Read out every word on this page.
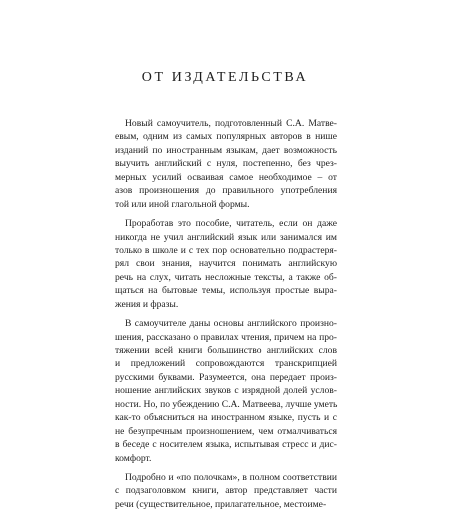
ОТ ИЗДАТЕЛЬСТВА
Новый самоучитель, подготовленный С.А. Матве-
евым, одним из самых популярных авторов в нише
изданий по иностранным языкам, дает возможность
выучить английский с нуля, постепенно, без чрез-
мерных усилий осваивая самое необходимое – от
азов произношения до правильного употребления
той или иной глагольной формы.
Проработав это пособие, читатель, если он даже
никогда не учил английский язык или занимался им
только в школе и с тех пор основательно подрастеря-
рял свои знания, научится понимать английскую
речь на слух, читать несложные тексты, а также об-
щаться на бытовые темы, используя простые выра-
жения и фразы.
В самоучителе даны основы английского произно-
шения, рассказано о правилах чтения, причем на про-
тяжении всей книги большинство английских слов
и предложений сопровождаются транскрипцией
русскими буквами. Разумеется, она передает произ-
ношение английских звуков с изрядной долей услов-
ности. Но, по убеждению С.А. Матвеева, лучше уметь
как-то объясниться на иностранном языке, пусть и с
не безупречным произношением, чем отмалчиваться
в беседе с носителем языка, испытывая стресс и дис-
комфорт.
Подробно и «по полочкам», в полном соответствии
с подзаголовком книги, автор представляет части
речи (существительное, прилагательное, местоиме-
